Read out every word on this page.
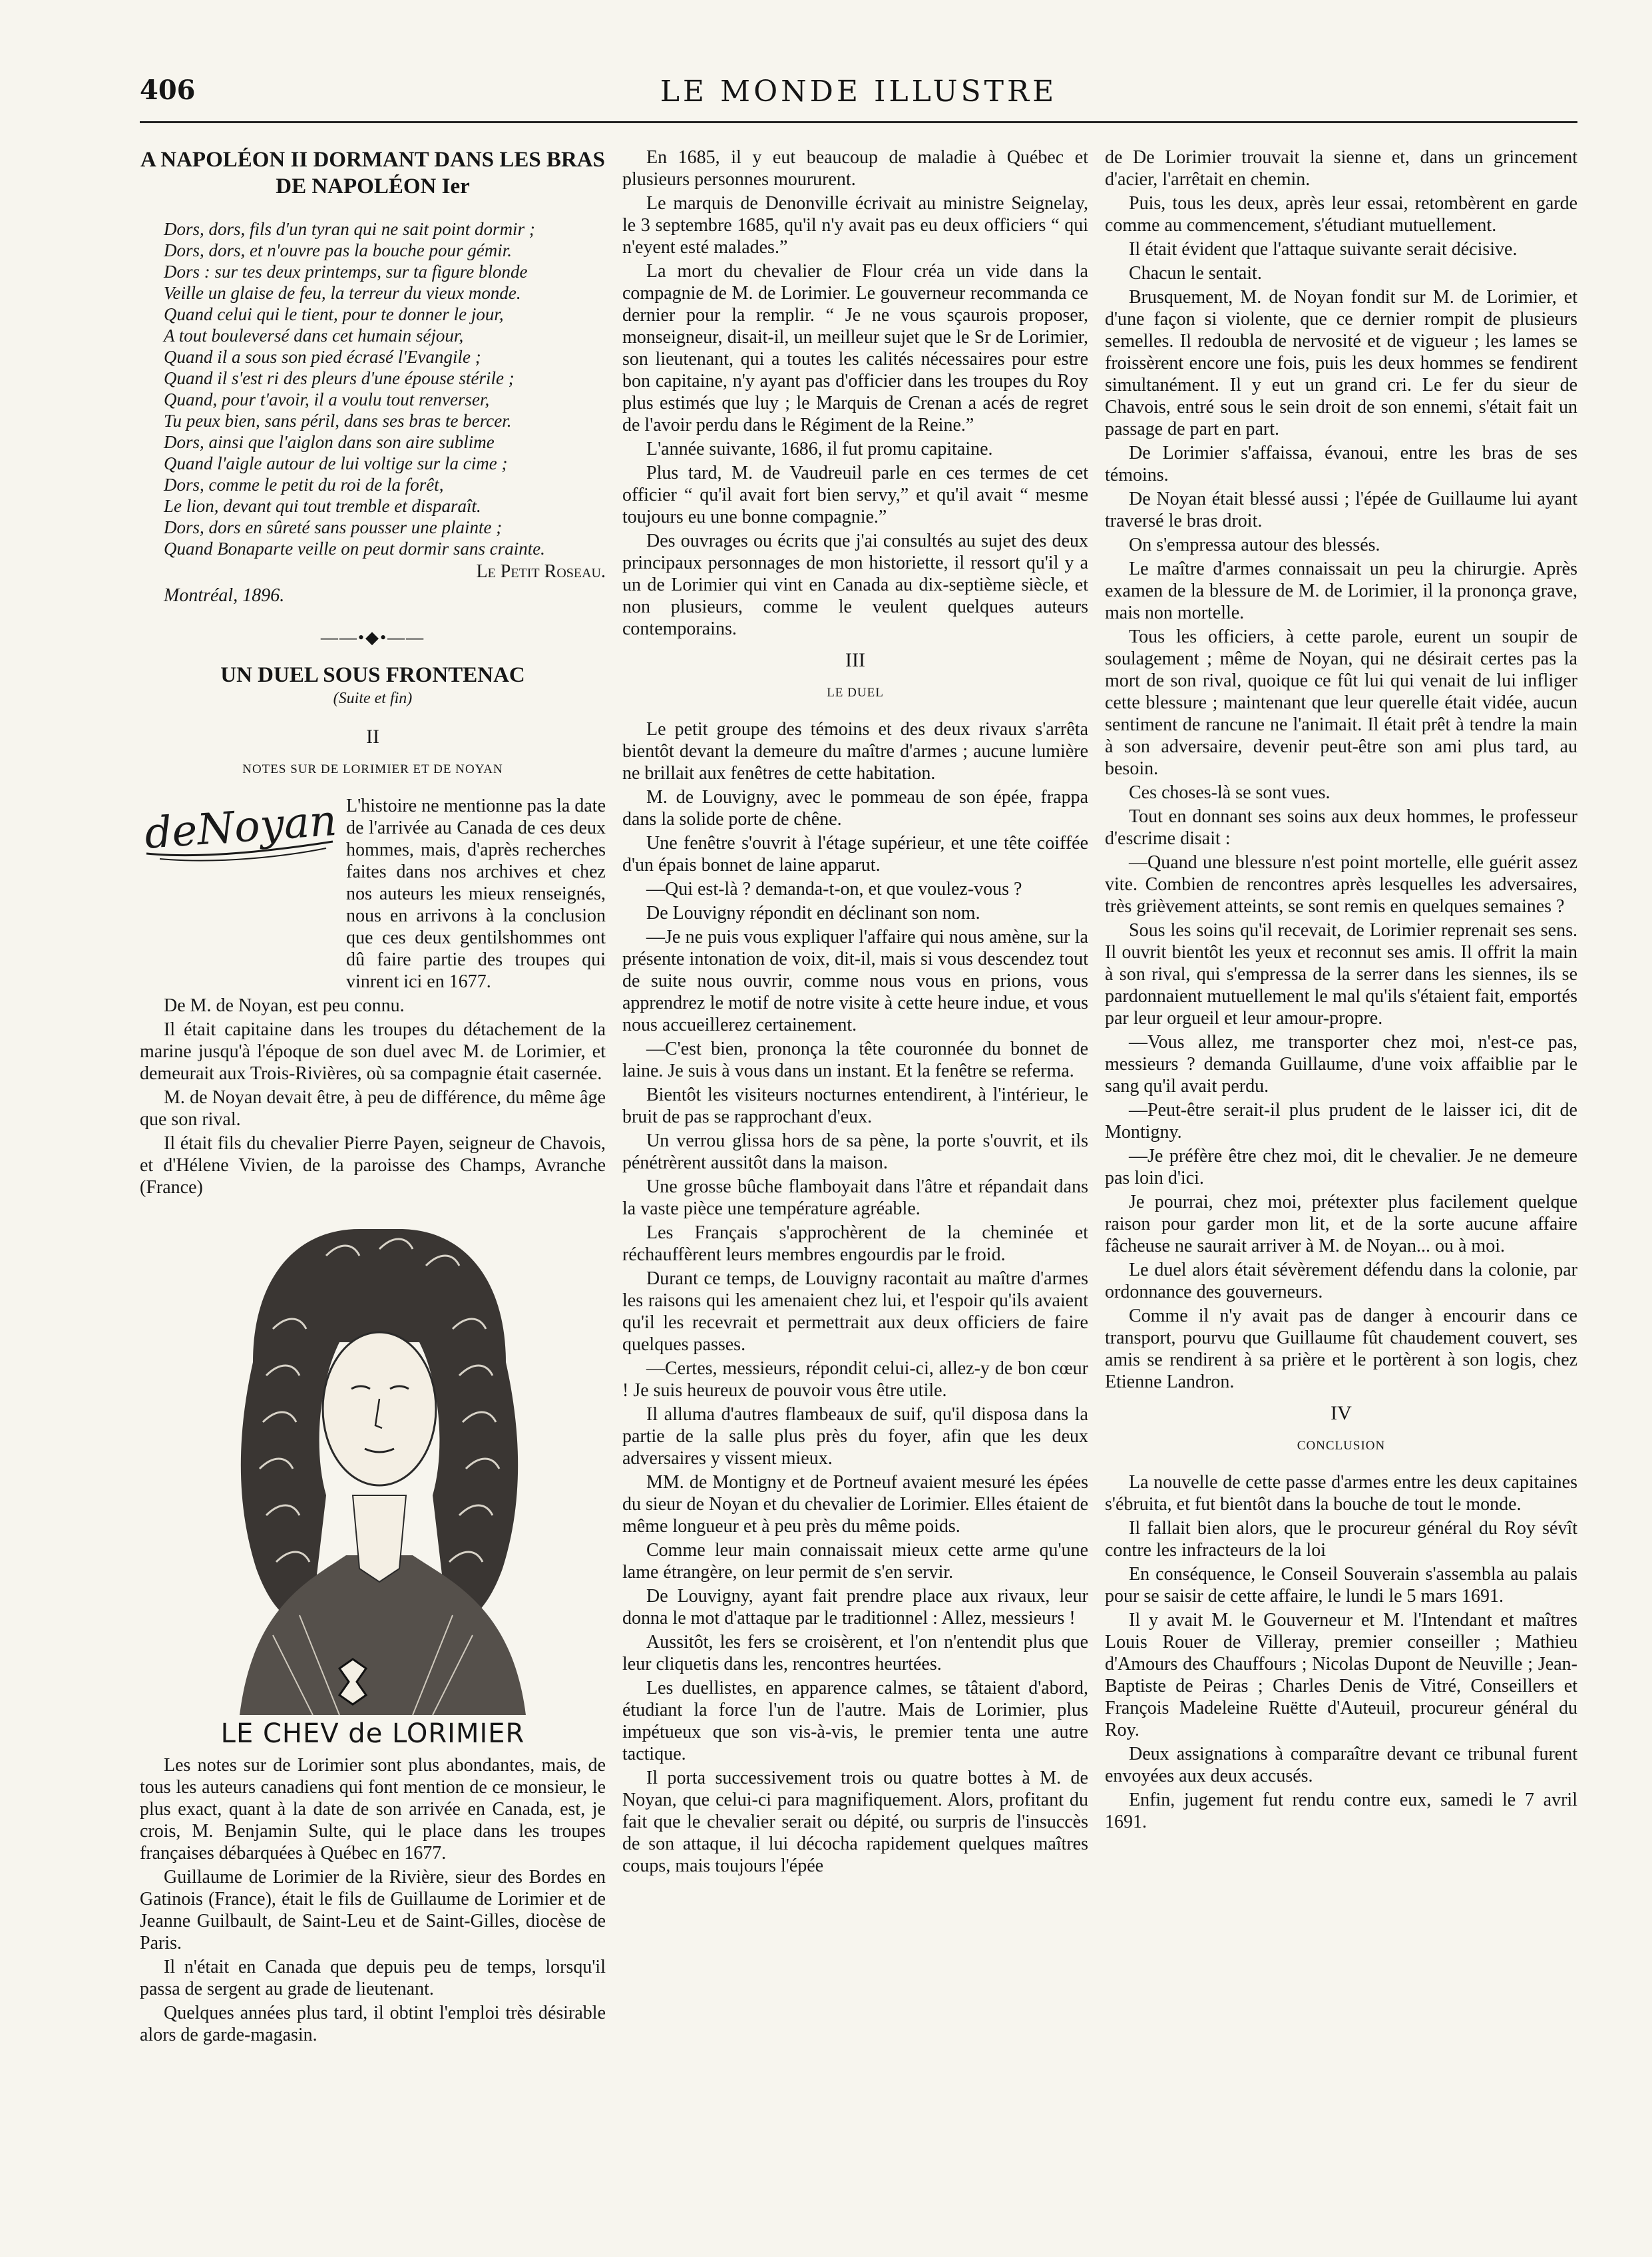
406	LE MONDE ILLUSTRE
A NAPOLÉON II DORMANT DANS LES BRAS DE NAPOLÉON Ier

Dors, dors, fils d'un tyran qui ne sait point dormir ;

Dors, dors, et n'ouvre pas la bouche pour gémir.

Dors : sur tes deux printemps, sur ta figure blonde

Veille un glaise de feu, la terreur du vieux monde.

Quand celui qui le tient, pour te donner le jour,

A tout bouleversé dans cet humain séjour,

Quand il a sous son pied écrasé l'Evangile ;

Quand il s'est ri des pleurs d'une épouse stérile ;

Quand, pour t'avoir, il a voulu tout renverser,

Tu peux bien, sans péril, dans ses bras te bercer.

Dors, ainsi que l'aiglon dans son aire sublime

Quand l'aigle autour de lui voltige sur la cime ;

Dors, comme le petit du roi de la forêt,

Le lion, devant qui tout tremble et disparaît.

Dors, dors en sûreté sans pousser une plainte ;

Quand Bonaparte veille on peut dormir sans crainte.

Le Petit Roseau.

Montréal, 1896.

——•◆•——
UN DUEL SOUS FRONTENAC
(Suite et fin)
II
NOTES SUR DE LORIMIER ET DE NOYAN
deNoyan L'histoire ne mentionne pas la date de l'arrivée au Canada de ces deux hommes, mais, d'après recherches faites dans nos archives et chez nos auteurs les mieux renseignés, nous en arrivons à la conclusion que ces deux gentilshommes ont dû faire partie des troupes qui vinrent ici en 1677.

De M. de Noyan, est peu connu.

Il était capitaine dans les troupes du détachement de la marine jusqu'à l'époque de son duel avec M. de Lorimier, et demeurait aux Trois-Rivières, où sa compagnie était casernée.

M. de Noyan devait être, à peu de différence, du même âge que son rival.

Il était fils du chevalier Pierre Payen, seigneur de Chavois, et d'Hélene Vivien, de la paroisse des Champs, Avranche (France)

LE CHEV de LORIMIER

Les notes sur de Lorimier sont plus abondantes, mais, de tous les auteurs canadiens qui font mention de ce monsieur, le plus exact, quant à la date de son arrivée en Canada, est, je crois, M. Benjamin Sulte, qui le place dans les troupes françaises débarquées à Québec en 1677.

Guillaume de Lorimier de la Rivière, sieur des Bordes en Gatinois (France), était le fils de Guillaume de Lorimier et de Jeanne Guilbault, de Saint-Leu et de Saint-Gilles, diocèse de Paris.

Il n'était en Canada que depuis peu de temps, lorsqu'il passa de sergent au grade de lieutenant.

Quelques années plus tard, il obtint l'emploi très désirable alors de garde-magasin.

En 1685, il y eut beaucoup de maladie à Québec et plusieurs personnes moururent.

Le marquis de Denonville écrivait au ministre Seignelay, le 3 septembre 1685, qu'il n'y avait pas eu deux officiers “ qui n'eyent esté malades.”

La mort du chevalier de Flour créa un vide dans la compagnie de M. de Lorimier. Le gouverneur recommanda ce dernier pour la remplir. “ Je ne vous sçaurois proposer, monseigneur, disait-il, un meilleur sujet que le Sr de Lorimier, son lieutenant, qui a toutes les calités nécessaires pour estre bon capitaine, n'y ayant pas d'officier dans les troupes du Roy plus estimés que luy ; le Marquis de Crenan a acés de regret de l'avoir perdu dans le Régiment de la Reine.”

L'année suivante, 1686, il fut promu capitaine.

Plus tard, M. de Vaudreuil parle en ces termes de cet officier “ qu'il avait fort bien servy,” et qu'il avait “ mesme toujours eu une bonne compagnie.”

Des ouvrages ou écrits que j'ai consultés au sujet des deux principaux personnages de mon historiette, il ressort qu'il y a un de Lorimier qui vint en Canada au dix-septième siècle, et non plusieurs, comme le veulent quelques auteurs contemporains.

III
LE DUEL

Le petit groupe des témoins et des deux rivaux s'arrêta bientôt devant la demeure du maître d'armes ; aucune lumière ne brillait aux fenêtres de cette habitation.

M. de Louvigny, avec le pommeau de son épée, frappa dans la solide porte de chêne.

Une fenêtre s'ouvrit à l'étage supérieur, et une tête coiffée d'un épais bonnet de laine apparut.

—Qui est-là ? demanda-t-on, et que voulez-vous ?

De Louvigny répondit en déclinant son nom.

—Je ne puis vous expliquer l'affaire qui nous amène, sur la présente intonation de voix, dit-il, mais si vous descendez tout de suite nous ouvrir, comme nous vous en prions, vous apprendrez le motif de notre visite à cette heure indue, et vous nous accueillerez certainement.

—C'est bien, prononça la tête couronnée du bonnet de laine. Je suis à vous dans un instant. Et la fenêtre se referma.

Bientôt les visiteurs nocturnes entendirent, à l'intérieur, le bruit de pas se rapprochant d'eux.

Un verrou glissa hors de sa pène, la porte s'ouvrit, et ils pénétrèrent aussitôt dans la maison.

Une grosse bûche flamboyait dans l'âtre et répandait dans la vaste pièce une température agréable.

Les Français s'approchèrent de la cheminée et réchauffèrent leurs membres engourdis par le froid.

Durant ce temps, de Louvigny racontait au maître d'armes les raisons qui les amenaient chez lui, et l'espoir qu'ils avaient qu'il les recevrait et permettrait aux deux officiers de faire quelques passes.

—Certes, messieurs, répondit celui-ci, allez-y de bon cœur ! Je suis heureux de pouvoir vous être utile.

Il alluma d'autres flambeaux de suif, qu'il disposa dans la partie de la salle plus près du foyer, afin que les deux adversaires y vissent mieux.

MM. de Montigny et de Portneuf avaient mesuré les épées du sieur de Noyan et du chevalier de Lorimier. Elles étaient de même longueur et à peu près du même poids.

Comme leur main connaissait mieux cette arme qu'une lame étrangère, on leur permit de s'en servir.

De Louvigny, ayant fait prendre place aux rivaux, leur donna le mot d'attaque par le traditionnel : Allez, messieurs !

Aussitôt, les fers se croisèrent, et l'on n'entendit plus que leur cliquetis dans les, rencontres heurtées.

Les duellistes, en apparence calmes, se tâtaient d'abord, étudiant la force l'un de l'autre. Mais de Lorimier, plus impétueux que son vis-à-vis, le premier tenta une autre tactique.

Il porta successivement trois ou quatre bottes à M. de Noyan, que celui-ci para magnifiquement. Alors, profitant du fait que le chevalier serait ou dépité, ou surpris de l'insuccès de son attaque, il lui décocha rapidement quelques maîtres coups, mais toujours l'épée

de De Lorimier trouvait la sienne et, dans un grincement d'acier, l'arrêtait en chemin.

Puis, tous les deux, après leur essai, retombèrent en garde comme au commencement, s'étudiant mutuellement.

Il était évident que l'attaque suivante serait décisive.

Chacun le sentait.

Brusquement, M. de Noyan fondit sur M. de Lorimier, et d'une façon si violente, que ce dernier rompit de plusieurs semelles. Il redoubla de nervosité et de vigueur ; les lames se froissèrent encore une fois, puis les deux hommes se fendirent simultanément. Il y eut un grand cri. Le fer du sieur de Chavois, entré sous le sein droit de son ennemi, s'était fait un passage de part en part.

De Lorimier s'affaissa, évanoui, entre les bras de ses témoins.

De Noyan était blessé aussi ; l'épée de Guillaume lui ayant traversé le bras droit.

On s'empressa autour des blessés.

Le maître d'armes connaissait un peu la chirurgie. Après examen de la blessure de M. de Lorimier, il la prononça grave, mais non mortelle.

Tous les officiers, à cette parole, eurent un soupir de soulagement ; même de Noyan, qui ne désirait certes pas la mort de son rival, quoique ce fût lui qui venait de lui infliger cette blessure ; maintenant que leur querelle était vidée, aucun sentiment de rancune ne l'animait. Il était prêt à tendre la main à son adversaire, devenir peut-être son ami plus tard, au besoin.

Ces choses-là se sont vues.

Tout en donnant ses soins aux deux hommes, le professeur d'escrime disait :

—Quand une blessure n'est point mortelle, elle guérit assez vite. Combien de rencontres après lesquelles les adversaires, très grièvement atteints, se sont remis en quelques semaines ?

Sous les soins qu'il recevait, de Lorimier reprenait ses sens. Il ouvrit bientôt les yeux et reconnut ses amis. Il offrit la main à son rival, qui s'empressa de la serrer dans les siennes, ils se pardonnaient mutuellement le mal qu'ils s'étaient fait, emportés par leur orgueil et leur amour-propre.

—Vous allez, me transporter chez moi, n'est-ce pas, messieurs ? demanda Guillaume, d'une voix affaiblie par le sang qu'il avait perdu.

—Peut-être serait-il plus prudent de le laisser ici, dit de Montigny.

—Je préfère être chez moi, dit le chevalier. Je ne demeure pas loin d'ici.

Je pourrai, chez moi, prétexter plus facilement quelque raison pour garder mon lit, et de la sorte aucune affaire fâcheuse ne saurait arriver à M. de Noyan... ou à moi.

Le duel alors était sévèrement défendu dans la colonie, par ordonnance des gouverneurs.

Comme il n'y avait pas de danger à encourir dans ce transport, pourvu que Guillaume fût chaudement couvert, ses amis se rendirent à sa prière et le portèrent à son logis, chez Etienne Landron.

IV
CONCLUSION

La nouvelle de cette passe d'armes entre les deux capitaines s'ébruita, et fut bientôt dans la bouche de tout le monde.

Il fallait bien alors, que le procureur général du Roy sévît contre les infracteurs de la loi

En conséquence, le Conseil Souverain s'assembla au palais pour se saisir de cette affaire, le lundi le 5 mars 1691.

Il y avait M. le Gouverneur et M. l'Intendant et maîtres Louis Rouer de Villeray, premier conseiller ; Mathieu d'Amours des Chauffours ; Nicolas Dupont de Neuville ; Jean-Baptiste de Peiras ; Charles Denis de Vitré, Conseillers et François Madeleine Ruëtte d'Auteuil, procureur général du Roy.

Deux assignations à comparaître devant ce tribunal furent envoyées aux deux accusés.

Enfin, jugement fut rendu contre eux, samedi le 7 avril 1691.
